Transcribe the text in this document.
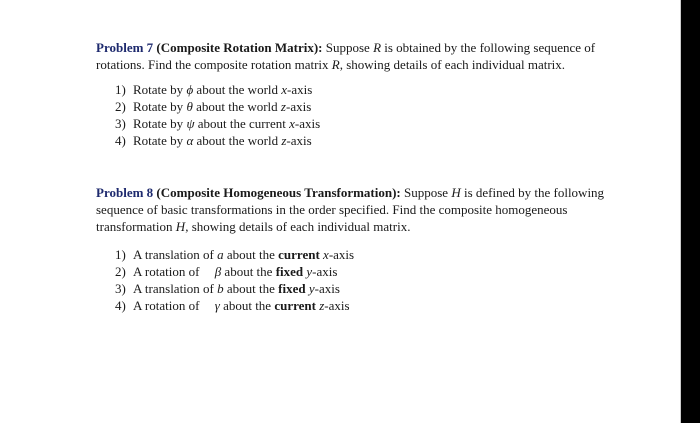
Problem 7 (Composite Rotation Matrix): Suppose R is obtained by the following sequence of rotations. Find the composite rotation matrix R, showing details of each individual matrix.

1) Rotate by ϕ about the world x-axis
2) Rotate by θ about the world z-axis
3) Rotate by ψ about the current x-axis
4) Rotate by α about the world z-axis

Problem 8 (Composite Homogeneous Transformation): Suppose H is defined by the following sequence of basic transformations in the order specified. Find the composite homogeneous transformation H, showing details of each individual matrix.

1) A translation of a about the current x-axis
2) A rotation of β about the fixed y-axis
3) A translation of b about the fixed y-axis
4) A rotation of γ about the current z-axis
